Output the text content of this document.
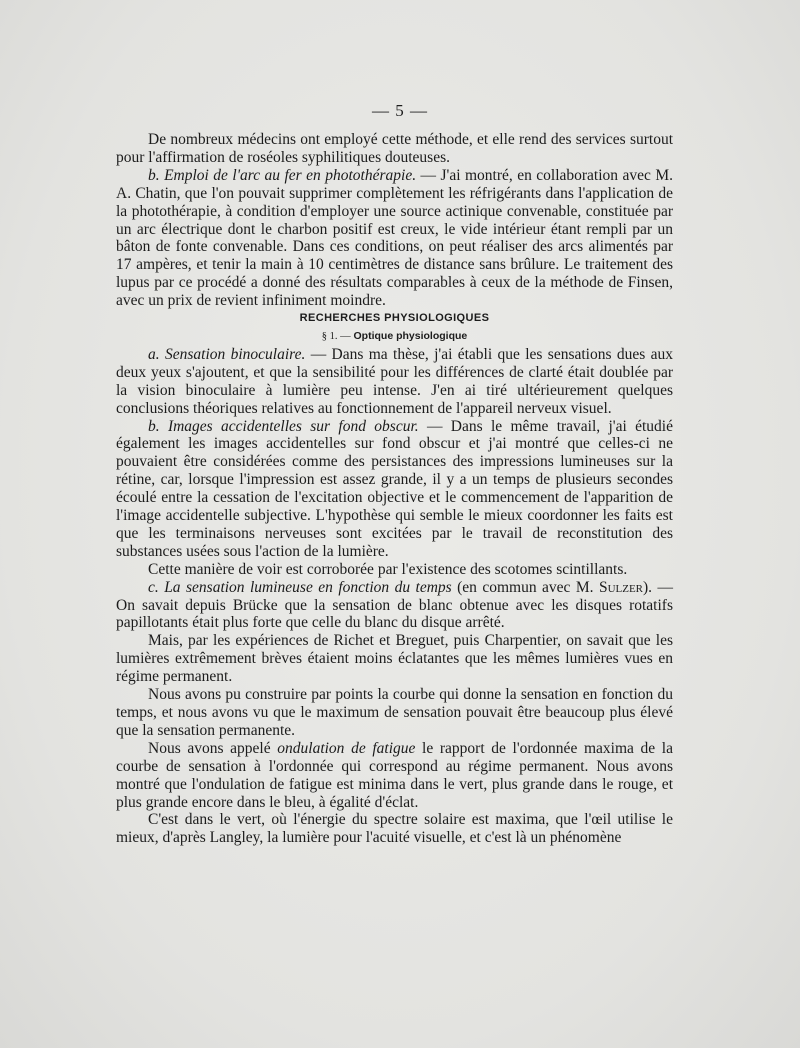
— 5 —

De nombreux médecins ont employé cette méthode, et elle rend des services surtout pour l'affirmation de roséoles syphilitiques douteuses.

b. Emploi de l'arc au fer en photothérapie. — J'ai montré, en collaboration avec M. A. Chatin, que l'on pouvait supprimer complètement les réfrigérants dans l'application de la photothérapie, à condition d'employer une source actinique convenable, constituée par un arc électrique dont le charbon positif est creux, le vide intérieur étant rempli par un bâton de fonte convenable. Dans ces conditions, on peut réaliser des arcs alimentés par 17 ampères, et tenir la main à 10 centimètres de distance sans brûlure. Le traitement des lupus par ce procédé a donné des résultats comparables à ceux de la méthode de Finsen, avec un prix de revient infiniment moindre.

RECHERCHES PHYSIOLOGIQUES

§ 1. — Optique physiologique

a. Sensation binoculaire. — Dans ma thèse, j'ai établi que les sensations dues aux deux yeux s'ajoutent, et que la sensibilité pour les différences de clarté était doublée par la vision binoculaire à lumière peu intense. J'en ai tiré ultérieurement quelques conclusions théoriques relatives au fonctionnement de l'appareil nerveux visuel.

b. Images accidentelles sur fond obscur. — Dans le même travail, j'ai étudié également les images accidentelles sur fond obscur et j'ai montré que celles-ci ne pouvaient être considérées comme des persistances des impressions lumineuses sur la rétine, car, lorsque l'impression est assez grande, il y a un temps de plusieurs secondes écoulé entre la cessation de l'excitation objective et le commencement de l'apparition de l'image accidentelle subjective. L'hypothèse qui semble le mieux coordonner les faits est que les terminaisons nerveuses sont excitées par le travail de reconstitution des substances usées sous l'action de la lumière.

Cette manière de voir est corroborée par l'existence des scotomes scintillants.

c. La sensation lumineuse en fonction du temps (en commun avec M. Sulzer). — On savait depuis Brücke que la sensation de blanc obtenue avec les disques rotatifs papillotants était plus forte que celle du blanc du disque arrêté.

Mais, par les expériences de Richet et Breguet, puis Charpentier, on savait que les lumières extrêmement brèves étaient moins éclatantes que les mêmes lumières vues en régime permanent.

Nous avons pu construire par points la courbe qui donne la sensation en fonction du temps, et nous avons vu que le maximum de sensation pouvait être beaucoup plus élevé que la sensation permanente.

Nous avons appelé ondulation de fatigue le rapport de l'ordonnée maxima de la courbe de sensation à l'ordonnée qui correspond au régime permanent. Nous avons montré que l'ondulation de fatigue est minima dans le vert, plus grande dans le rouge, et plus grande encore dans le bleu, à égalité d'éclat.

C'est dans le vert, où l'énergie du spectre solaire est maxima, que l'œil utilise le mieux, d'après Langley, la lumière pour l'acuité visuelle, et c'est là un phénomène
